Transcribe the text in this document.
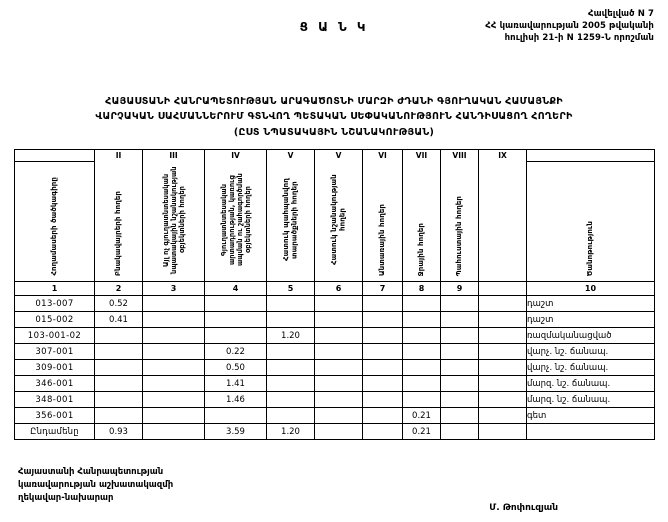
Հավելված N 7
ՀՀ կառավարության 2005 թվականի
հուլիսի 21-ի N 1259-Ն որոշման
Ց Ա Ն Կ
ՀԱՅԱՍՏԱՆԻ ՀԱՆՐԱՊԵՏՈՒԹՅԱՆ ԱՐԱԳԱԾՈՏՆԻ ՄԱՐԶԻ ԺԴԱՆԻ ԳՅՈՒՂԱԿԱՆ ՀԱՄԱՅՆՔԻ
ՎԱՐՉԱԿԱՆ ՍԱՀՄԱՆՆԵՐՈՒՄ ԳՏՆՎՈՂ ՊԵՏԱԿԱՆ ՍԵՓԱԿԱՆՈՒԹՅՈՒՆ ՀԱՆԴԻՍԱՑՈՂ ՀՈՂԵՐԻ
(ԸՍՏ ՆՊԱՏԱԿԱՅԻՆ ՆՇԱՆԱԿՈՒԹՅԱՆ)
	II	III	IV	V	V	VI	VII	VIII	IX	
Հողամասերի ծածկագիրը	Բնակավայրերի հողեր	Այլ ոչ գյուղատնտեսական նպատակային նշանակության օբյեկտների հողեր	Գյուղատնտեսական արտադրության, կառուց ապման ու շահագործման օբյեկտների հողեր	Հատուկ պահպանվող տարածքների հողեր	Հատուկ նշանակության հողեր	Անտառային հողեր	Ջրային հողեր	Պահուստային հողեր		Ծանոթություն
1	2	3	4	5	6	7	8	9		10
013-007	0.52									դաշտ
015-002	0.41									դաշտ
103-001-02				1.20						ռազմականացված
307-001			0.22							վարչ. նշ. ճանապ.
309-001			0.50							վարչ. նշ. ճանապ.
346-001			1.41							մարզ. նշ. ճանապ.
348-001			1.46							մարզ. նշ. ճանապ.
356-001							0.21			գետ
Ընդամենը	0.93		3.59	1.20			0.21			
Հայաստանի Հանրապետության
կառավարության աշխատակազմի
ղեկավար-նախարար
Մ. Թոփուզյան
